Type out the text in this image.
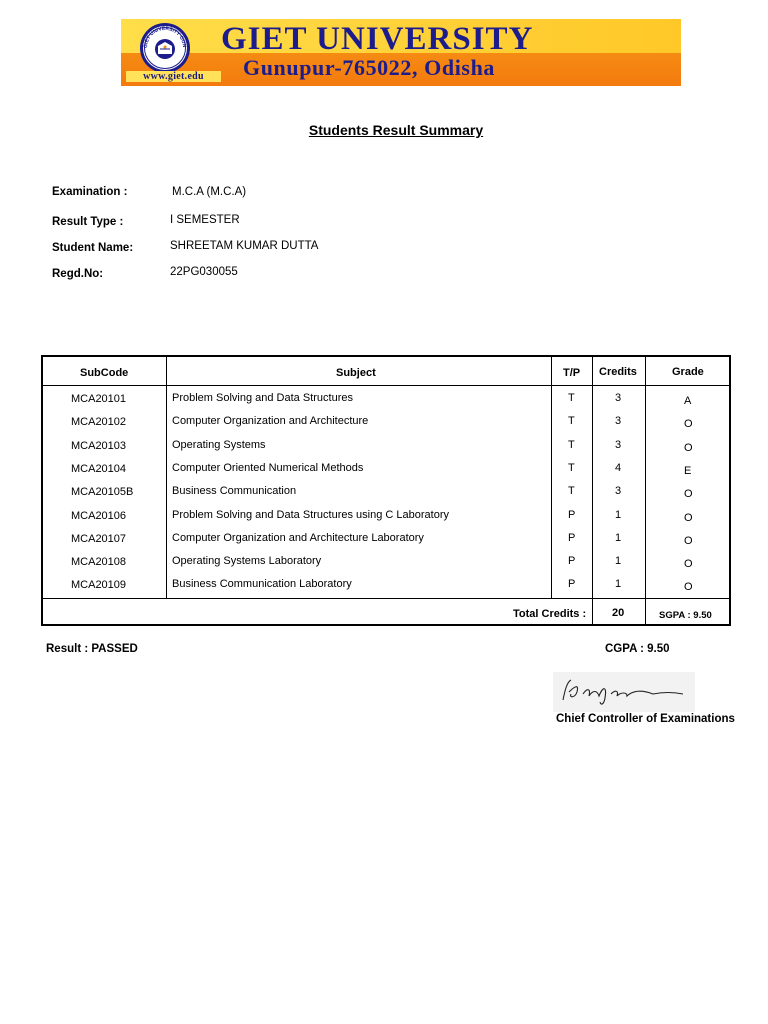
GIET UNIVERSITY GUN
www.giet.edu
GIET UNIVERSITY
Gunupur-765022, Odisha
Students Result Summary
Examination :	M.C.A (M.C.A)
Result Type :	I SEMESTER
Student Name:	SHREETAM KUMAR DUTTA
Regd.No:	22PG030055
SubCode	Subject	T/P Credits	Grade
MCA20101	Problem Solving and Data Structures	T	3	A
MCA20102	Computer Organization and Architecture	T	3	O
MCA20103	Operating Systems	T	3	O
MCA20104	Computer Oriented Numerical Methods	T	4	E
MCA20105B	Business Communication	T	3	O
MCA20106	Problem Solving and Data Structures using C Laboratory	P	1	O
MCA20107	Computer Organization and Architecture Laboratory	P	1	O
MCA20108	Operating Systems Laboratory	P	1	O
MCA20109	Business Communication Laboratory	P	1	O
Total Credits : 20	SGPA : 9.50
Result : PASSED	CGPA : 9.50
Chief Controller of Examinations
